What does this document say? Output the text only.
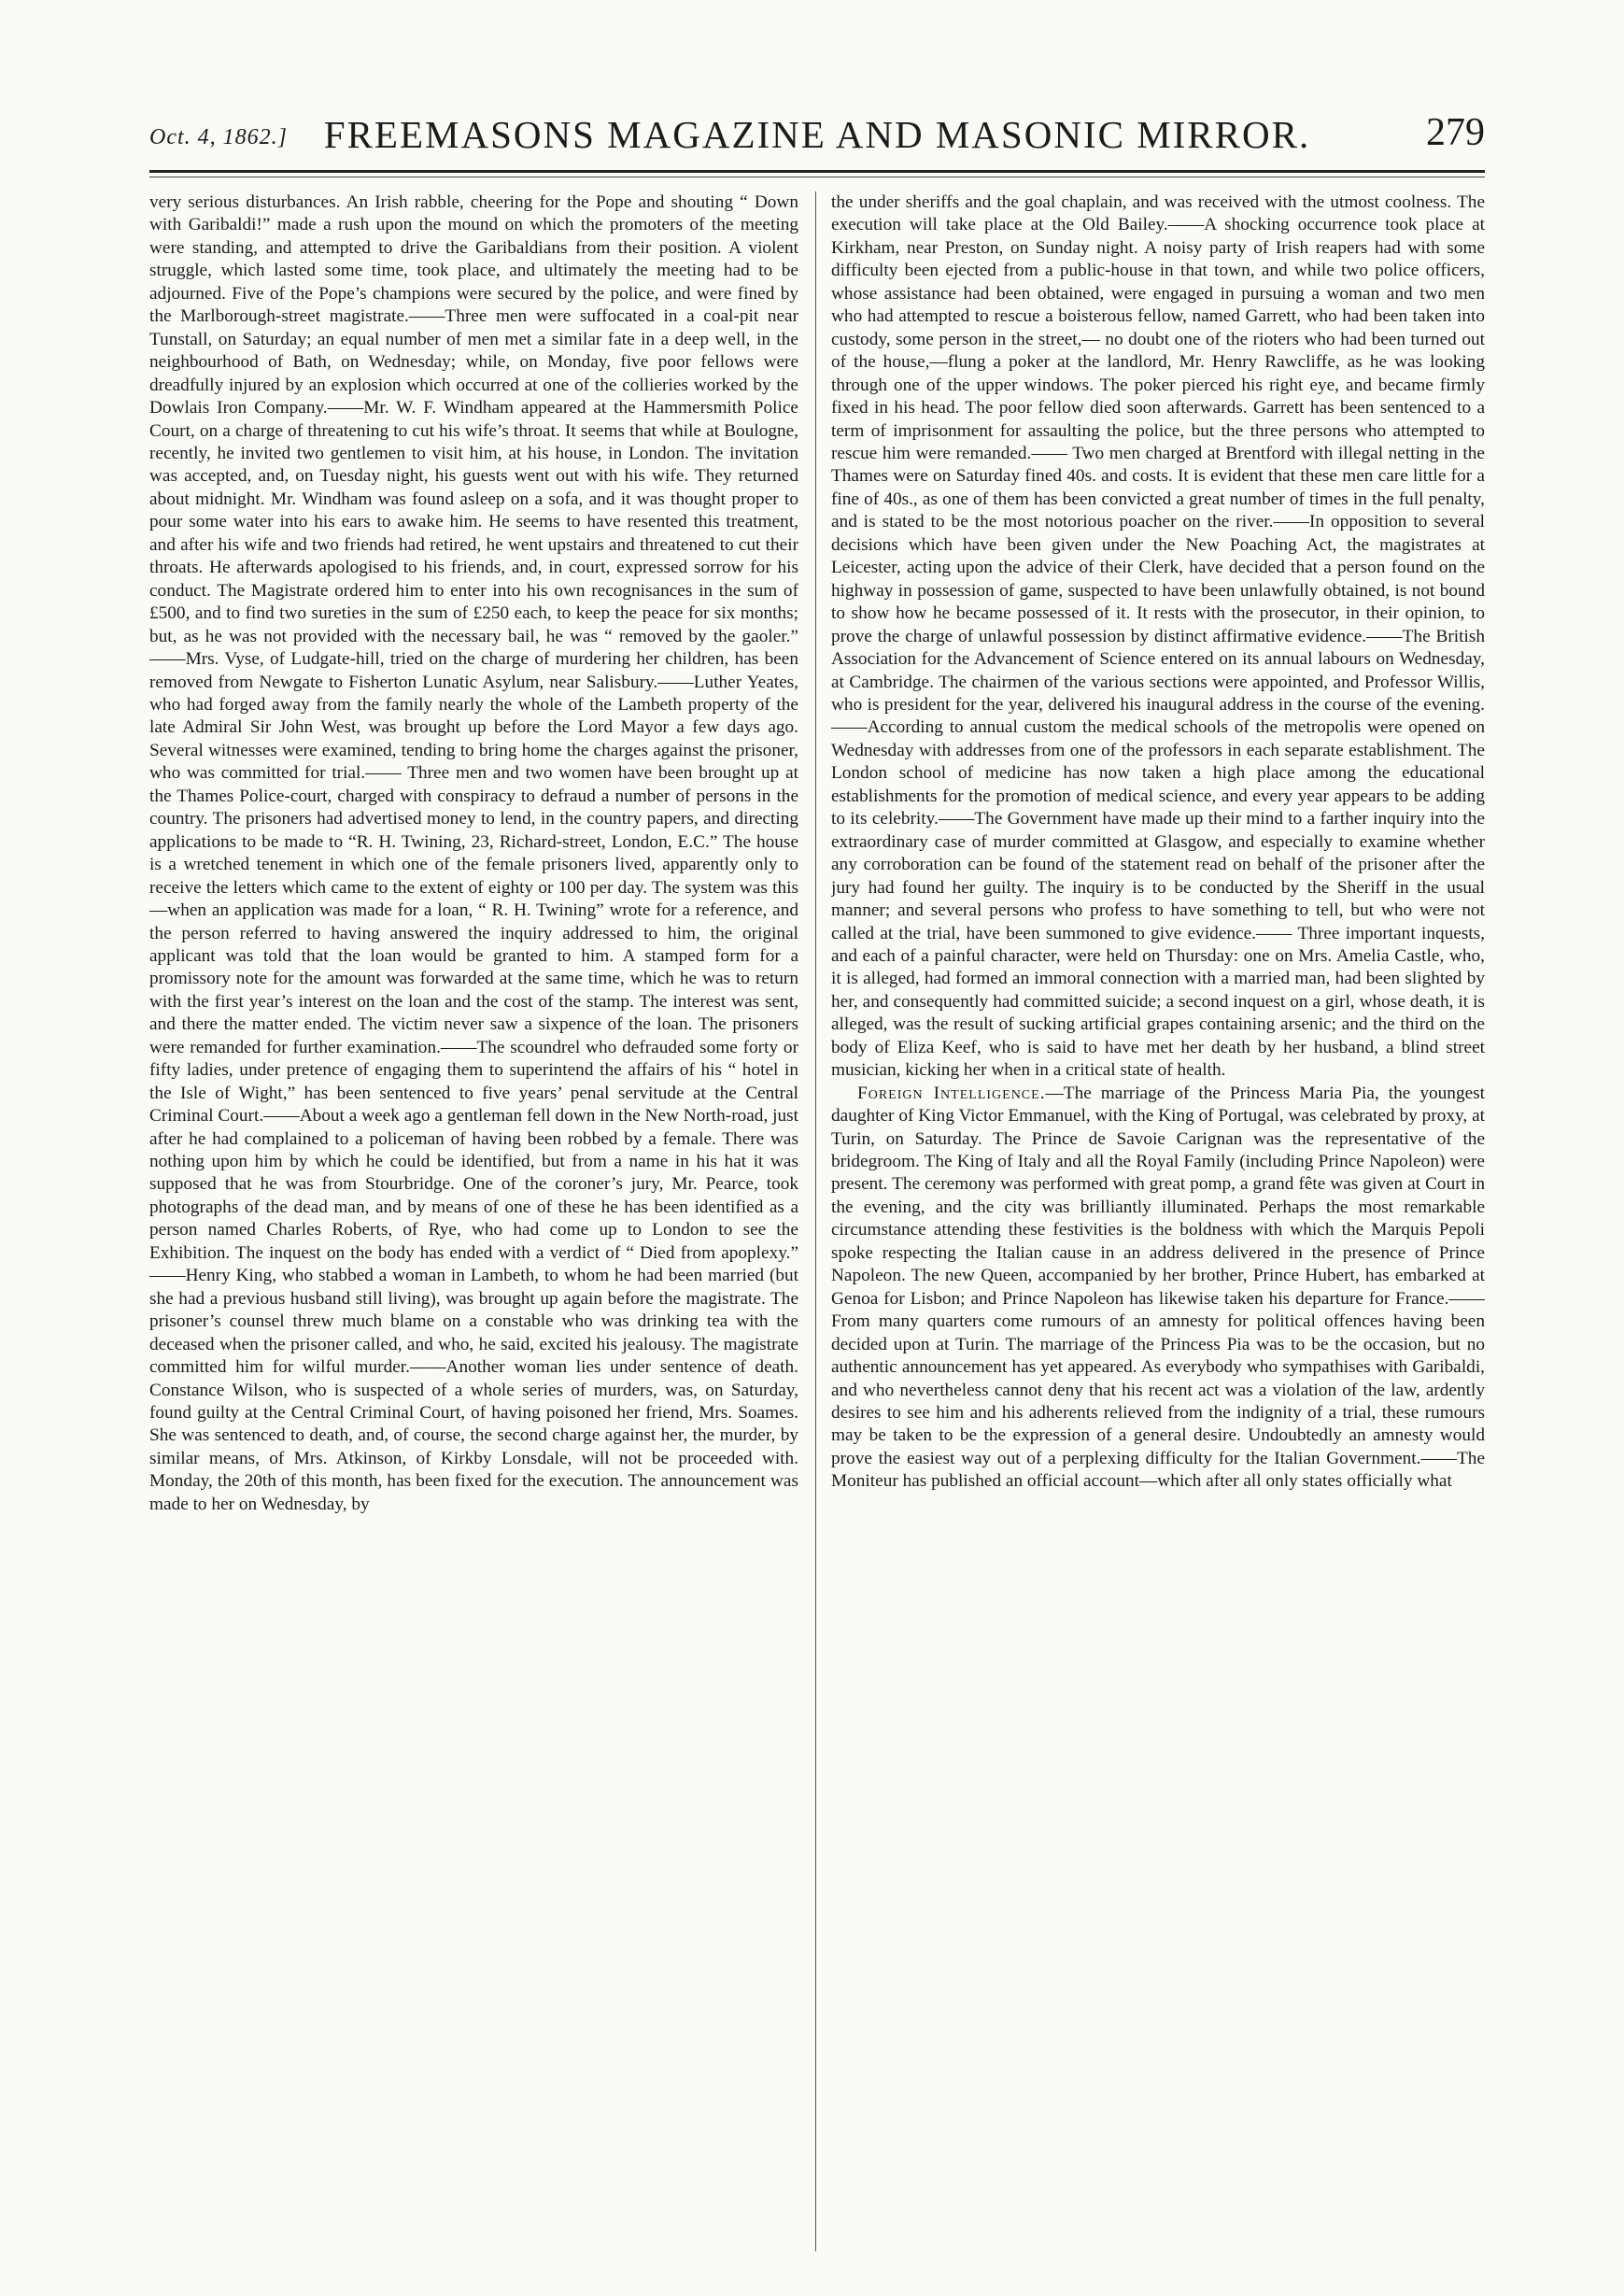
Oct. 4, 1862.] FREEMASONS MAGAZINE AND MASONIC MIRROR.	279

very serious disturbances. An Irish rabble, cheering for the Pope and shouting “ Down with Garibaldi!” made a rush upon the mound on which the promoters of the meeting were standing, and attempted to drive the Garibaldians from their position. A violent struggle, which lasted some time, took place, and ultimately the meeting had to be adjourned. Five of the Pope’s champions were secured by the police, and were fined by the Marlborough-street magistrate.——Three men were suffocated in a coal-pit near Tunstall, on Saturday; an equal number of men met a similar fate in a deep well, in the neighbourhood of Bath, on Wednesday; while, on Monday, five poor fellows were dreadfully injured by an explosion which occurred at one of the collieries worked by the Dowlais Iron Company.——Mr. W. F. Windham appeared at the Hammersmith Police Court, on a charge of threatening to cut his wife’s throat. It seems that while at Boulogne, recently, he invited two gentlemen to visit him, at his house, in London. The invitation was accepted, and, on Tuesday night, his guests went out with his wife. They returned about midnight. Mr. Windham was found asleep on a sofa, and it was thought proper to pour some water into his ears to awake him. He seems to have resented this treatment, and after his wife and two friends had retired, he went upstairs and threatened to cut their throats. He afterwards apologised to his friends, and, in court, expressed sorrow for his conduct. The Magistrate ordered him to enter into his own recognisances in the sum of £500, and to find two sureties in the sum of £250 each, to keep the peace for six months; but, as he was not provided with the necessary bail, he was “ removed by the gaoler.” ——Mrs. Vyse, of Ludgate-hill, tried on the charge of murdering her children, has been removed from Newgate to Fisherton Lunatic Asylum, near Salisbury.——Luther Yeates, who had forged away from the family nearly the whole of the Lambeth property of the late Admiral Sir John West, was brought up before the Lord Mayor a few days ago. Several witnesses were examined, tending to bring home the charges against the prisoner, who was committed for trial.—— Three men and two women have been brought up at the Thames Police-court, charged with conspiracy to defraud a number of persons in the country. The prisoners had advertised money to lend, in the country papers, and directing applications to be made to “R. H. Twining, 23, Richard-street, London, E.C.” The house is a wretched tenement in which one of the female prisoners lived, apparently only to receive the letters which came to the extent of eighty or 100 per day. The system was this—when an application was made for a loan, “ R. H. Twining” wrote for a reference, and the person referred to having answered the inquiry addressed to him, the original applicant was told that the loan would be granted to him. A stamped form for a promissory note for the amount was forwarded at the same time, which he was to return with the first year’s interest on the loan and the cost of the stamp. The interest was sent, and there the matter ended. The victim never saw a sixpence of the loan. The prisoners were remanded for further examination.——The scoundrel who defrauded some forty or fifty ladies, under pretence of engaging them to superintend the affairs of his “ hotel in the Isle of Wight,” has been sentenced to five years’ penal servitude at the Central Criminal Court.——About a week ago a gentleman fell down in the New North-road, just after he had complained to a policeman of having been robbed by a female. There was nothing upon him by which he could be identified, but from a name in his hat it was supposed that he was from Stourbridge. One of the coroner’s jury, Mr. Pearce, took photographs of the dead man, and by means of one of these he has been identified as a person named Charles Roberts, of Rye, who had come up to London to see the Exhibition. The inquest on the body has ended with a verdict of “ Died from apoplexy.” ——Henry King, who stabbed a woman in Lambeth, to whom he had been married (but she had a previous husband still living), was brought up again before the magistrate. The prisoner’s counsel threw much blame on a constable who was drinking tea with the deceased when the prisoner called, and who, he said, excited his jealousy. The magistrate committed him for wilful murder.——Another woman lies under sentence of death. Constance Wilson, who is suspected of a whole series of murders, was, on Saturday, found guilty at the Central Criminal Court, of having poisoned her friend, Mrs. Soames. She was sentenced to death, and, of course, the second charge against her, the murder, by similar means, of Mrs. Atkinson, of Kirkby Lonsdale, will not be proceeded with. Monday, the 20th of this month, has been fixed for the execution. The announcement was made to her on Wednesday, by

the under sheriffs and the goal chaplain, and was received with the utmost coolness. The execution will take place at the Old Bailey.——A shocking occurrence took place at Kirkham, near Preston, on Sunday night. A noisy party of Irish reapers had with some difficulty been ejected from a public-house in that town, and while two police officers, whose assistance had been obtained, were engaged in pursuing a woman and two men who had attempted to rescue a boisterous fellow, named Garrett, who had been taken into custody, some person in the street,— no doubt one of the rioters who had been turned out of the house,—flung a poker at the landlord, Mr. Henry Rawcliffe, as he was looking through one of the upper windows. The poker pierced his right eye, and became firmly fixed in his head. The poor fellow died soon afterwards. Garrett has been sentenced to a term of imprisonment for assaulting the police, but the three persons who attempted to rescue him were remanded.—— Two men charged at Brentford with illegal netting in the Thames were on Saturday fined 40s. and costs. It is evident that these men care little for a fine of 40s., as one of them has been convicted a great number of times in the full penalty, and is stated to be the most notorious poacher on the river.——In opposition to several decisions which have been given under the New Poaching Act, the magistrates at Leicester, acting upon the advice of their Clerk, have decided that a person found on the highway in possession of game, suspected to have been unlawfully obtained, is not bound to show how he became possessed of it. It rests with the prosecutor, in their opinion, to prove the charge of unlawful possession by distinct affirmative evidence.——The British Association for the Advancement of Science entered on its annual labours on Wednesday, at Cambridge. The chairmen of the various sections were appointed, and Professor Willis, who is president for the year, delivered his inaugural address in the course of the evening.——According to annual custom the medical schools of the metropolis were opened on Wednesday with addresses from one of the professors in each separate establishment. The London school of medicine has now taken a high place among the educational establishments for the promotion of medical science, and every year appears to be adding to its celebrity.——The Government have made up their mind to a farther inquiry into the extraordinary case of murder committed at Glasgow, and especially to examine whether any corroboration can be found of the statement read on behalf of the prisoner after the jury had found her guilty. The inquiry is to be conducted by the Sheriff in the usual manner; and several persons who profess to have something to tell, but who were not called at the trial, have been summoned to give evidence.—— Three important inquests, and each of a painful character, were held on Thursday: one on Mrs. Amelia Castle, who, it is alleged, had formed an immoral connection with a married man, had been slighted by her, and consequently had committed suicide; a second inquest on a girl, whose death, it is alleged, was the result of sucking artificial grapes containing arsenic; and the third on the body of Eliza Keef, who is said to have met her death by her husband, a blind street musician, kicking her when in a critical state of health.

Foreign Intelligence.—The marriage of the Princess Maria Pia, the youngest daughter of King Victor Emmanuel, with the King of Portugal, was celebrated by proxy, at Turin, on Saturday. The Prince de Savoie Carignan was the representative of the bridegroom. The King of Italy and all the Royal Family (including Prince Napoleon) were present. The ceremony was performed with great pomp, a grand fête was given at Court in the evening, and the city was brilliantly illuminated. Perhaps the most remarkable circumstance attending these festivities is the boldness with which the Marquis Pepoli spoke respecting the Italian cause in an address delivered in the presence of Prince Napoleon. The new Queen, accompanied by her brother, Prince Hubert, has embarked at Genoa for Lisbon; and Prince Napoleon has likewise taken his departure for France.——From many quarters come rumours of an amnesty for political offences having been decided upon at Turin. The marriage of the Princess Pia was to be the occasion, but no authentic announcement has yet appeared. As everybody who sympathises with Garibaldi, and who nevertheless cannot deny that his recent act was a violation of the law, ardently desires to see him and his adherents relieved from the indignity of a trial, these rumours may be taken to be the expression of a general desire. Undoubtedly an amnesty would prove the easiest way out of a perplexing difficulty for the Italian Government.——The Moniteur has published an official account—which after all only states officially what
